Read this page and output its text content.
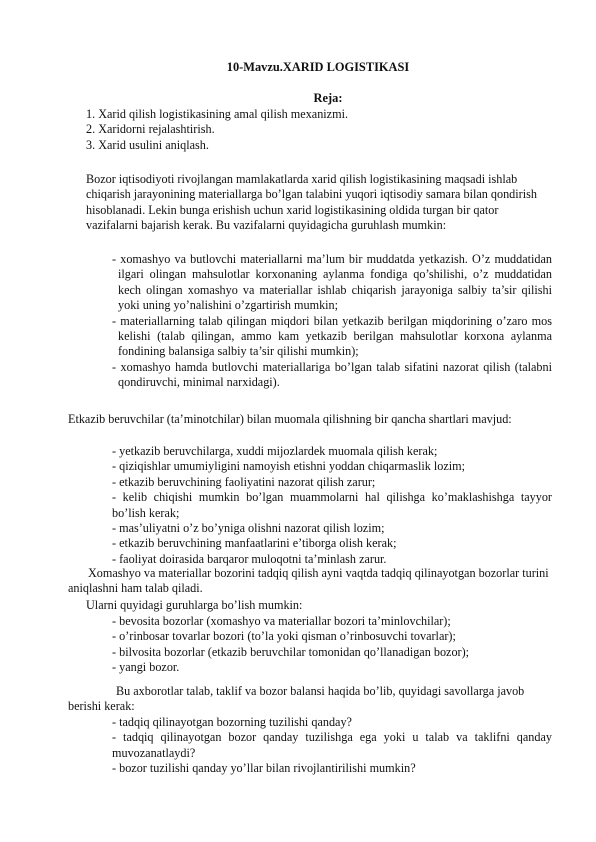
10-Mavzu.XARID LOGISTIKASI
Reja:
1. Xarid qilish logistikasining amal qilish mexanizmi.
2. Xaridorni rejalashtirish.
3. Xarid usulini aniqlash.

Bozor iqtisodiyoti rivojlangan mamlakatlarda xarid qilish logistikasining maqsadi ishlab chiqarish jarayonining materiallarga bo’lgan talabini yuqori iqtisodiy samara bilan qondirish hisoblanadi. Lekin bunga erishish uchun xarid logistikasining oldida turgan bir qator vazifalarni bajarish kerak. Bu vazifalarni quyidagicha guruhlash mumkin:

- xomashyo va butlovchi materiallarni ma’lum bir muddatda yetkazish. O’z muddatidan ilgari olingan mahsulotlar korxonaning aylanma fondiga qo’shilishi, o’z muddatidan kech olingan xomashyo va materiallar ishlab chiqarish jarayoniga salbiy ta’sir qilishi yoki uning yo’nalishini o’zgartirish mumkin;

- materiallarning talab qilingan miqdori bilan yetkazib berilgan miqdorining o’zaro mos kelishi (talab qilingan, ammo kam yetkazib berilgan mahsulotlar korxona aylanma fondining balansiga salbiy ta’sir qilishi mumkin);

- xomashyo hamda butlovchi materiallariga bo’lgan talab sifatini nazorat qilish (talabni qondiruvchi, minimal narxidagi).

Etkazib beruvchilar (ta’minotchilar) bilan muomala qilishning bir qancha shartlari mavjud:

- yetkazib beruvchilarga, xuddi mijozlardek muomala qilish kerak;

- qiziqishlar umumiyligini namoyish etishni yoddan chiqarmaslik lozim;

- etkazib beruvchining faoliyatini nazorat qilish zarur;

- kelib chiqishi mumkin bo’lgan muammolarni hal qilishga ko’maklashishga tayyor bo’lish kerak;

- mas’uliyatni o’z bo’yniga olishni nazorat qilish lozim;

- etkazib beruvchining manfaatlarini e’tiborga olish kerak;

- faoliyat doirasida barqaror muloqotni ta’minlash zarur.

Xomashyo va materiallar bozorini tadqiq qilish ayni vaqtda tadqiq qilinayotgan bozorlar turini aniqlashni ham talab qiladi.

Ularni quyidagi guruhlarga bo’lish mumkin:

- bevosita bozorlar (xomashyo va materiallar bozori ta’minlovchilar);

- o’rinbosar tovarlar bozori (to’la yoki qisman o’rinbosuvchi tovarlar);

- bilvosita bozorlar (etkazib beruvchilar tomonidan qo’llanadigan bozor);

- yangi bozor.

Bu axborotlar talab, taklif va bozor balansi haqida bo’lib, quyidagi savollarga javob berishi kerak:

- tadqiq qilinayotgan bozorning tuzilishi qanday?

- tadqiq qilinayotgan bozor qanday tuzilishga ega yoki u talab va taklifni qanday muvozanatlaydi?

- bozor tuzilishi qanday yo’llar bilan rivojlantirilishi mumkin?
